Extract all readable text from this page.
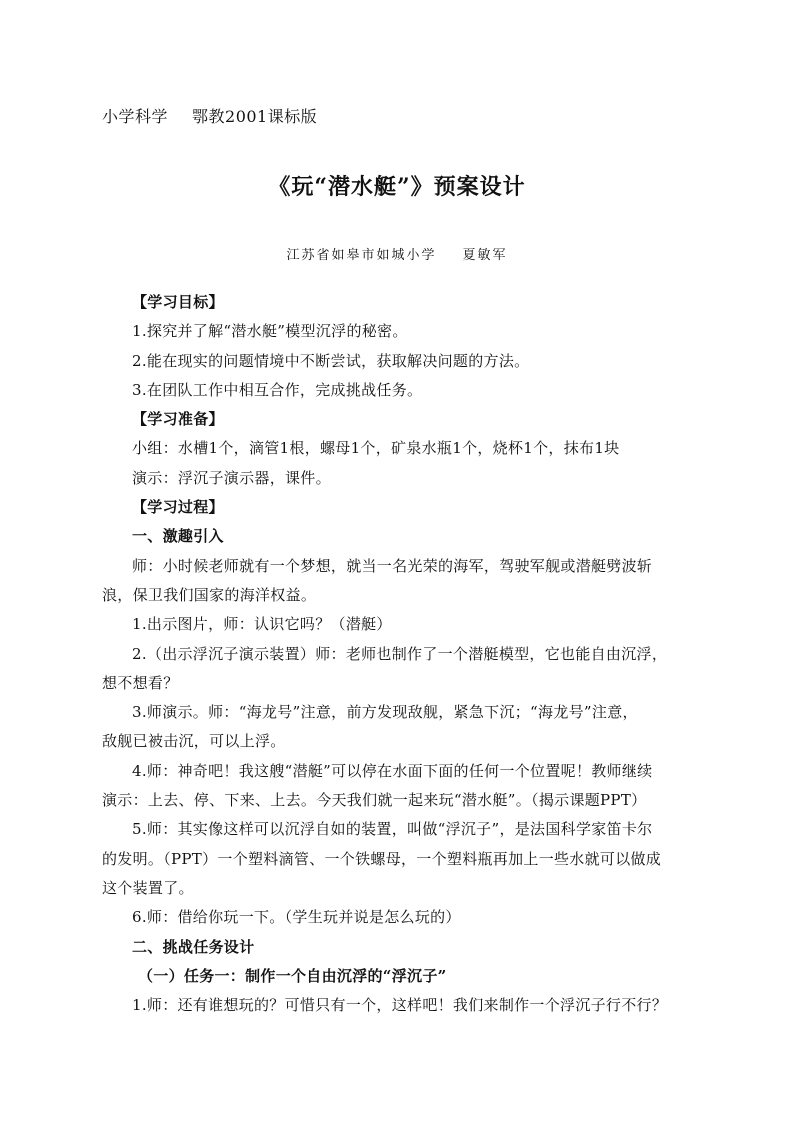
小学科学 鄂教2001课标版
《玩“潜水艇”》预案设计
江苏省如皋市如城小学 夏敏军
【学习目标】
1.探究并了解“潜水艇”模型沉浮的秘密。
2.能在现实的问题情境中不断尝试，获取解决问题的方法。
3.在团队工作中相互合作，完成挑战任务。
【学习准备】
小组：水槽1个，滴管1根，螺母1个，矿泉水瓶1个，烧杯1个，抹布1块
演示：浮沉子演示器，课件。
【学习过程】
一、激趣引入
师：小时候老师就有一个梦想，就当一名光荣的海军，驾驶军舰或潜艇劈波斩
浪，保卫我们国家的海洋权益。
1.出示图片，师：认识它吗？（潜艇）
2.（出示浮沉子演示装置）师：老师也制作了一个潜艇模型，它也能自由沉浮，
想不想看？
3.师演示。师：“海龙号”注意，前方发现敌舰，紧急下沉；“海龙号”注意，
敌舰已被击沉，可以上浮。
4.师：神奇吧！我这艘“潜艇”可以停在水面下面的任何一个位置呢！教师继续
演示：上去、停、下来、上去。今天我们就一起来玩“潜水艇”。（揭示课题PPT）
5.师：其实像这样可以沉浮自如的装置，叫做“浮沉子”，是法国科学家笛卡尔
的发明。（PPT）一个塑料滴管、一个铁螺母，一个塑料瓶再加上一些水就可以做成
这个装置了。
6.师：借给你玩一下。（学生玩并说是怎么玩的）
二、挑战任务设计
（一）任务一：制作一个自由沉浮的“浮沉子”
1.师：还有谁想玩的？可惜只有一个，这样吧！我们来制作一个浮沉子行不行？
